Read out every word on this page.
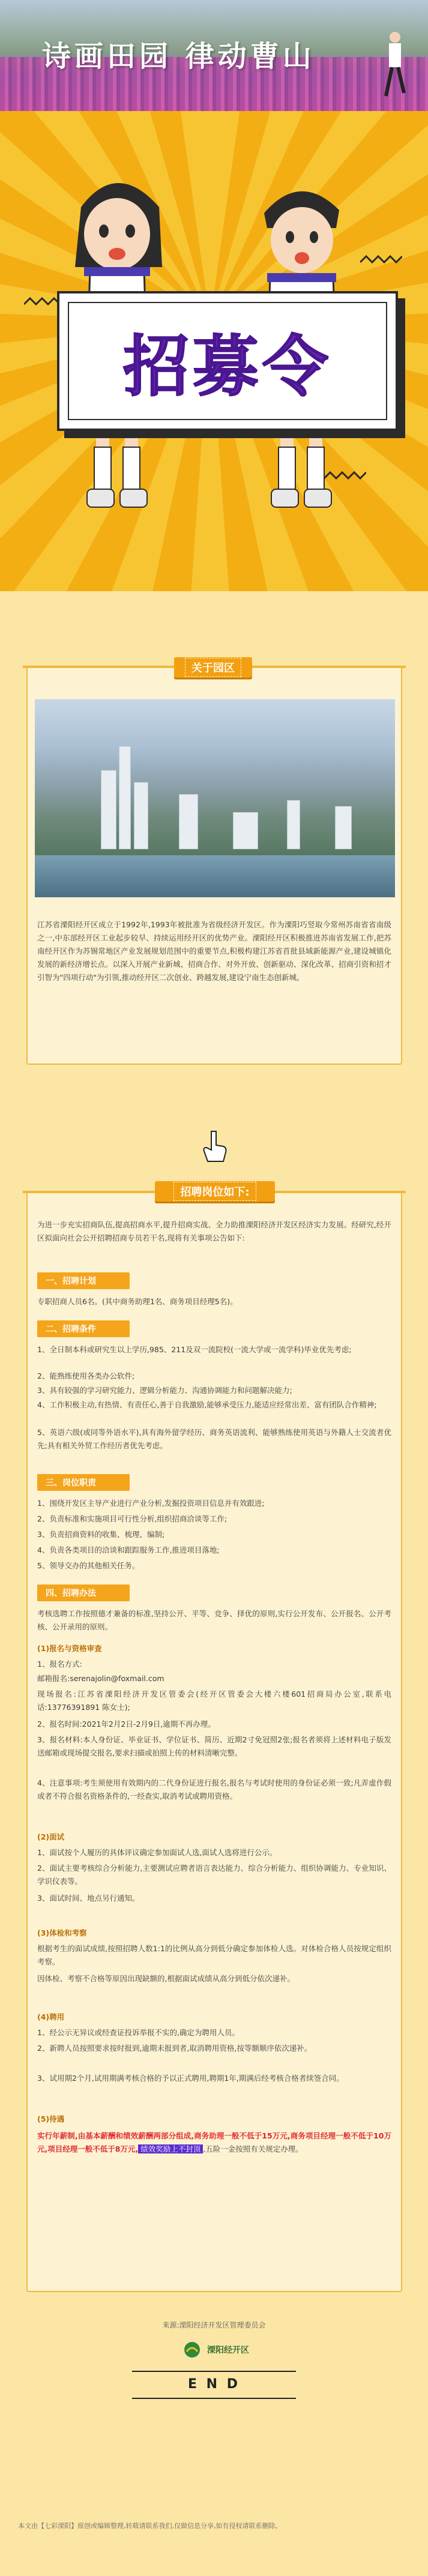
诗画田园 律动曹山
招募令
关于园区
江苏省溧阳经开区成立于1992年,1993年被批准为省级经济开发区。作为溧阳巧竖取今常州苏南省省南级之一,中东部经开区工业起步较早、持续运用经开区的优势产业。溧阳经开区积极推进苏南省发展工作,把苏南经开区作为苏锡常地区产业发展规划范围中的重要节点,积极构建江苏省首批县域新能源产业,建设城镇化发展的新经济增长点。以深入开展产业新城、招商合作、对外开放、创新驱动、深化改革、招商引资和招才引智为"四项行动"为引领,推动经开区二次创业、跨越发展,建设宁南生态创新城。
招聘岗位如下:
为进一步充实招商队伍,提高招商水平,提升招商实战、全力助推溧阳经济开发区经济实力发展。经研究,经开区拟面向社会公开招聘招商专员若干名,现将有关事项公告如下:
一、招聘计划
专职招商人员6名。(其中商务助理1名、商务项目经理5名)。
二、招聘条件
1、全日制本科或研究生以上学历,985、211及双一流院校(一流大学或一流学科)毕业优先考虑;
2、能熟练使用各类办公软件;
3、具有较强的学习研究能力、逻辑分析能力、沟通协调能力和问题解决能力;
4、工作积极主动,有热情、有责任心,善于自我激励,能够承受压力,能适应经常出差、富有团队合作精神;
5、英语六级(或同等外语水平),具有海外留学经历、商务英语流利、能够熟练使用英语与外籍人士交流者优先;具有相关外贸工作经历者优先考虑。
三、岗位职责
1、围绕开发区主导产业进行产业分析,发掘投资项目信息并有效跟进;
2、负责标准和实施项目可行性分析,组织招商洽谈等工作;
3、负责招商资料的收集、梳理、编制;
4、负责各类项目的洽谈和跟踪服务工作,推进项目落地;
5、领导交办的其他相关任务。
四、招聘办法
考核选聘工作按照德才兼备的标准,坚持公开、平等、竞争、择优的原则,实行公开发布、公开报名、公开考核、公开录用的原则。
(1)报名与资格审查
1、报名方式:
邮箱报名:serenajolin@foxmail.com
现场报名:江苏省溧阳经济开发区管委会(经开区管委会大楼六楼601招商局办公室,联系电话:13776391891 陈女士);
2、报名时间:2021年2月2日-2月9日,逾期不再办理。
3、报名材料:本人身份证、毕业证书、学位证书、简历、近期2寸免冠照2张;报名者须将上述材料电子版发送邮箱或现场提交报名,要求扫描或拍照上传的材料清晰完整。
4、注意事项:考生须使用有效期内的二代身份证进行报名,报名与考试时使用的身份证必须一致;凡弄虚作假或者不符合报名资格条件的,一经查实,取消考试或聘用资格。
(2)面试
1、面试按个人履历的具体评议确定参加面试人选,面试人选将进行公示。
2、面试主要考核综合分析能力,主要测试应聘者语言表达能力、综合分析能力、组织协调能力、专业知识、学识仪表等。
3、面试时间、地点另行通知。
(3)体检和考察
根据考生的面试成绩,按照招聘人数1:1的比例从高分到低分确定参加体检人选。对体检合格人员按规定组织考察。
因体检、考察不合格等原因出现缺额的,根据面试成绩从高分到低分依次递补。
(4)聘用
1、经公示无异议或经查证投诉举报不实的,确定为聘用人员。
2、新聘人员按照要求按时报到,逾期未报到者,取消聘用资格,按等额顺序依次递补。
3、试用期2个月,试用期满考核合格的予以正式聘用,聘期1年,期满后经考核合格者续签合同。
(5)待遇
实行年薪制,由基本薪酬和绩效薪酬两部分组成,商务助理一般不低于15万元,商务项目经理一般不低于10万元,项目经理一般不低于8万元, 绩效奖励上不封顶 ,五险一金按照有关规定办理。
来源:溧阳经济开发区管理委员会
溧阳经开区
E N D
本文由【七彩溧阳】原创或编辑整理,转载请联系我们,仅做信息分享,如有侵权请联系删除。
